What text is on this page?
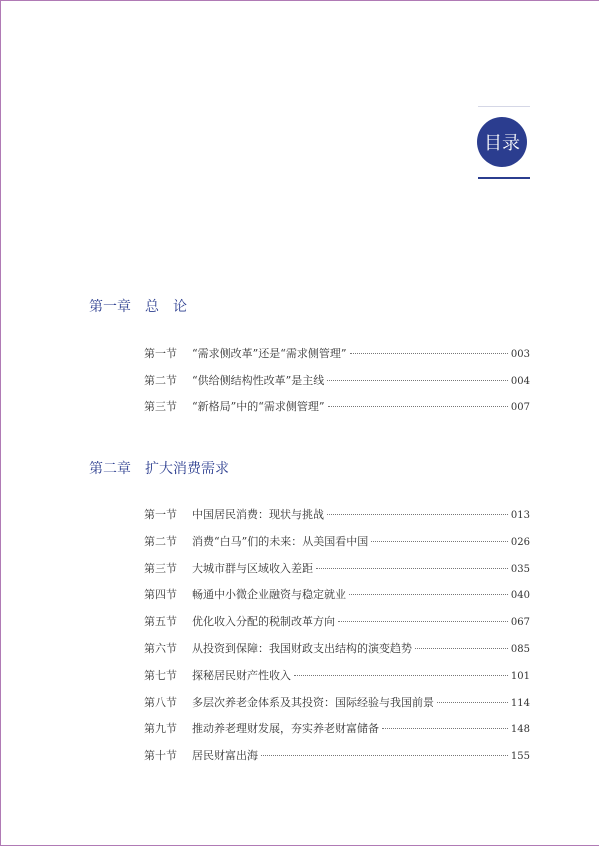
目录
第一章　总　论
第一节	“需求侧改革”还是“需求侧管理”	003
第二节	“供给侧结构性改革”是主线	004
第三节	“新格局”中的“需求侧管理”	007
第二章　扩大消费需求
第一节	中国居民消费：现状与挑战	013
第二节	消费“白马”们的未来：从美国看中国	026
第三节	大城市群与区域收入差距	035
第四节	畅通中小微企业融资与稳定就业	040
第五节	优化收入分配的税制改革方向	067
第六节	从投资到保障：我国财政支出结构的演变趋势	085
第七节	探秘居民财产性收入	101
第八节	多层次养老金体系及其投资：国际经验与我国前景	114
第九节	推动养老理财发展，夯实养老财富储备	148
第十节	居民财富出海	155
